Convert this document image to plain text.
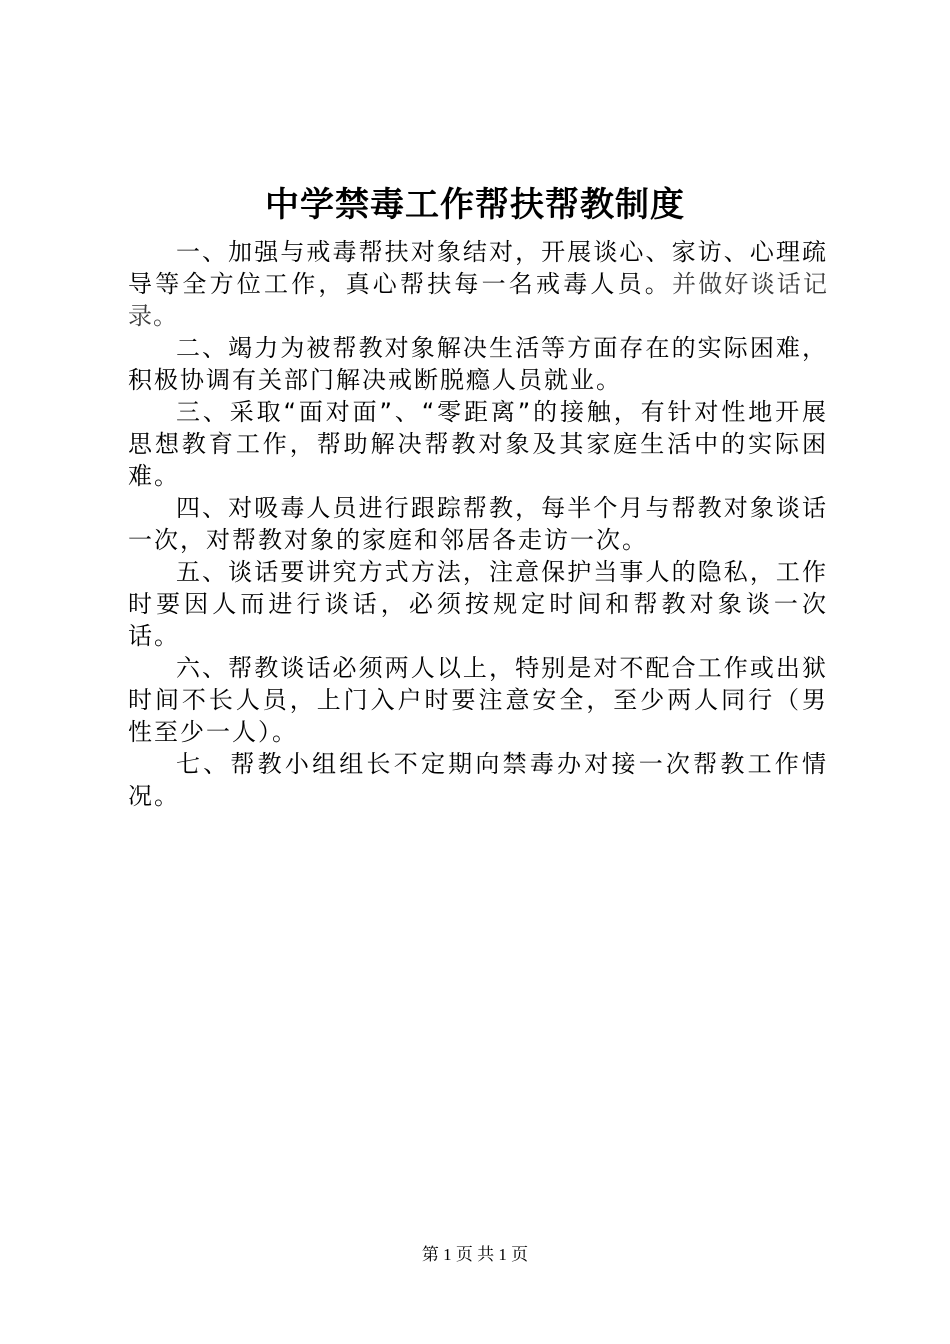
中学禁毒工作帮扶帮教制度

一、加强与戒毒帮扶对象结对，开展谈心、家访、心理疏导等全方位工作，真心帮扶每一名戒毒人员。并做好谈话记录。

二、竭力为被帮教对象解决生活等方面存在的实际困难，积极协调有关部门解决戒断脱瘾人员就业。

三、采取“面对面”、“零距离”的接触，有针对性地开展思想教育工作，帮助解决帮教对象及其家庭生活中的实际困难。

四、对吸毒人员进行跟踪帮教，每半个月与帮教对象谈话一次，对帮教对象的家庭和邻居各走访一次。

五、谈话要讲究方式方法，注意保护当事人的隐私，工作时要因人而进行谈话，必须按规定时间和帮教对象谈一次话。

六、帮教谈话必须两人以上，特别是对不配合工作或出狱时间不长人员，上门入户时要注意安全，至少两人同行（男性至少一人）。

七、帮教小组组长不定期向禁毒办对接一次帮教工作情况。

第 1 页 共 1 页
